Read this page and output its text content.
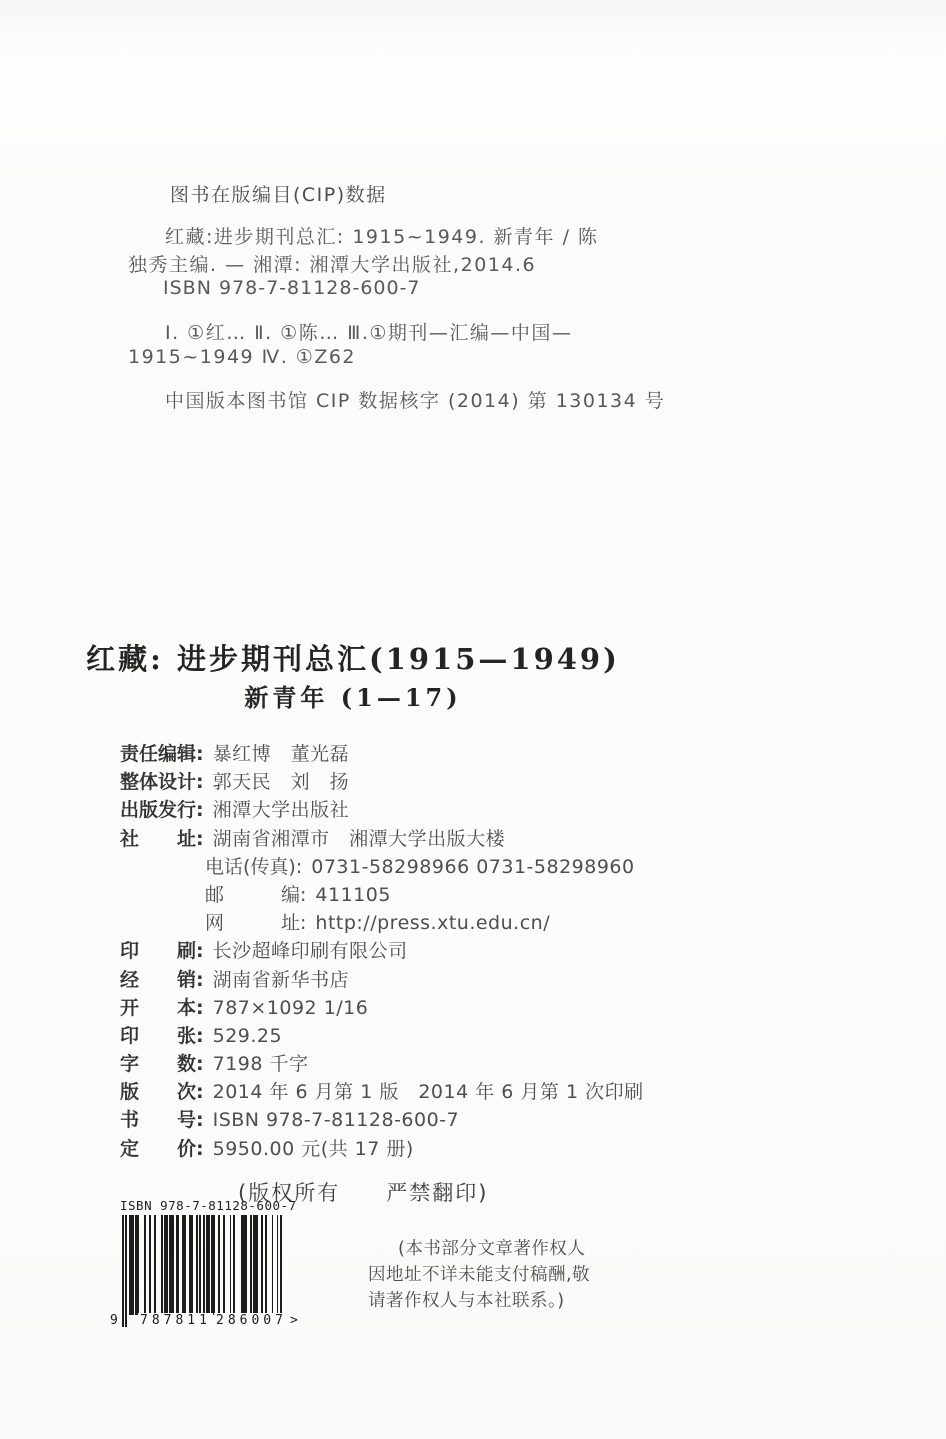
图书在版编目(CIP)数据
红藏:进步期刊总汇: 1915~1949. 新青年 / 陈
独秀主编. — 湘潭: 湘潭大学出版社,2014.6
ISBN 978-7-81128-600-7
Ⅰ. ①红… Ⅱ. ①陈… Ⅲ.①期刊—汇编—中国—
1915~1949 Ⅳ. ①Z62
中国版本图书馆 CIP 数据核字 (2014) 第 130134 号
红藏: 进步期刊总汇(1915—1949)
新青年 (1—17)
责任编辑: 暴红博　董光磊
整体设计: 郭天民　刘　扬
出版发行: 湘潭大学出版社
社　　址: 湖南省湘潭市　湘潭大学出版大楼
电话(传真): 0731-58298966 0731-58298960
邮　　　编: 411105
网　　　址: http://press.xtu.edu.cn/
印　　刷: 长沙超峰印刷有限公司
经　　销: 湖南省新华书店
开　　本: 787×1092 1/16
印　　张: 529.25
字　　数: 7198 千字
版　　次: 2014 年 6 月第 1 版　2014 年 6 月第 1 次印刷
书　　号: ISBN 978-7-81128-600-7
定　　价: 5950.00 元(共 17 册)
(版权所有　　严禁翻印)
ISBN 978-7-81128-600-7
9 787811 286007 >
(本书部分文章著作权人
因地址不详未能支付稿酬,敬
请著作权人与本社联系。)
